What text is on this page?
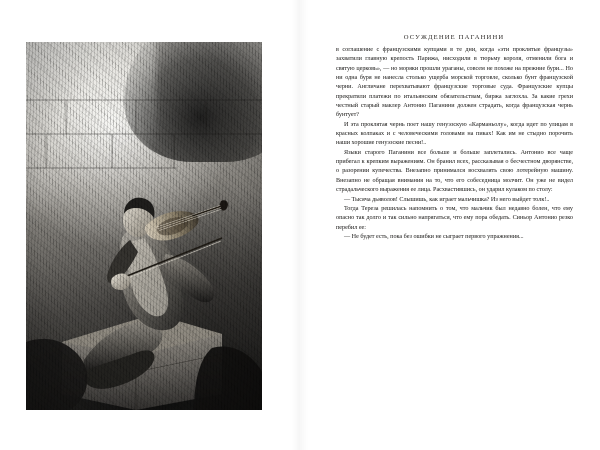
ОСУЖДЕНИЕ ПАГАНИНИ

в соглашение с французскими купцами в те дни, когда «эти проклятые французы» захватили главную крепость Парижа, нисходили в тюрьму короля, отменили бога и святую церковь», — но моряки прошли ураганы, совсем не похоже на прежние бури... Но ни одна буря не нанесла столько ущерба морской торговле, сколько бунт французской черни. Англичане перехватывают французские торговые суда. Французские купцы прекратили платежи по итальянским обязательствам, биржа заглохла. За какие грехи честный старый маклер Антонио Паганини должен страдать, когда французская чернь бунтует?

И эта проклятая чернь поет нашу генуэзскую «Карманьолу», когда идет по улицам в красных колпаках и с человеческими головами на пиках! Как им не стыдно порочить наши хорошие генуэзские песни!..

Языки старого Паганини все больше и больше заплетались. Антонио все чаще прибегал к крепким выражениям. Он бранил всех, рассказывая о бесчестном дворянстве, о разорении купечества. Внезапно принимался восхвалять свою лотерейную машину. Внезапно не обращая внимания на то, что его собеседница молчит. Он уже не видел страдальческого выражения ее лица. Расхвастившись, он ударил кулаком по столу:

— Тысяча дьяволов! Слышишь, как играет мальчишка? Из него выйдет толк!..

Тогда Тереза решилась напомнить о том, что мальчик был недавно болен, что ему опасно так долго и так сильно напрягаться, что ему пора обедать. Синьор Антонио резко перебил ее:

— Не будет есть, пока без ошибки не сыграет первого упражнения...
